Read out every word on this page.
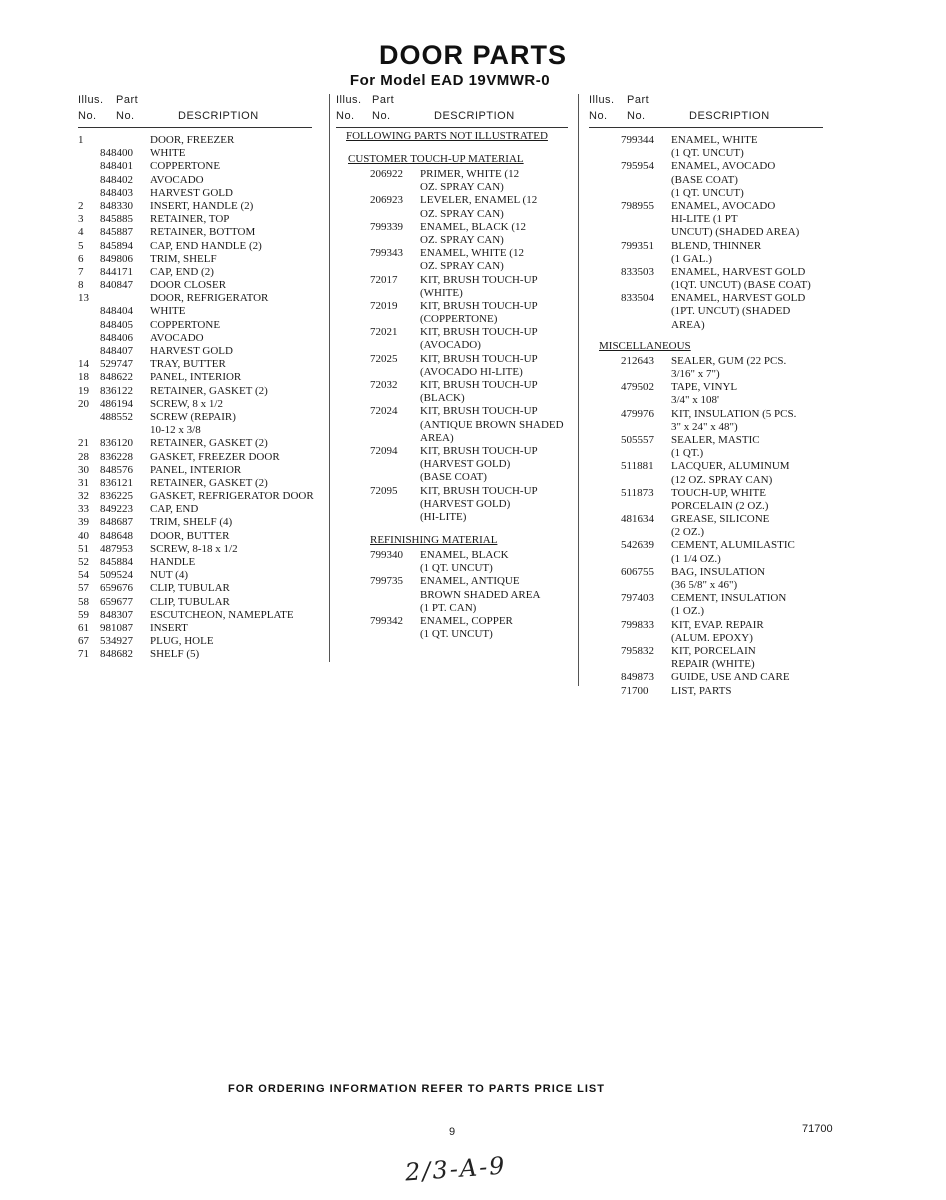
DOOR PARTS
For Model EAD 19VMWR-0
Illus. Part
No. No.	DESCRIPTION
1	DOOR, FREEZER
848400 WHITE
848401 COPPERTONE
848402 AVOCADO
848403 HARVEST GOLD
2 848330 INSERT, HANDLE (2)
3 845885 RETAINER, TOP
4 845887 RETAINER, BOTTOM
5 845894 CAP, END HANDLE (2)
6 849806 TRIM, SHELF
7 844171 CAP, END (2)
8 840847 DOOR CLOSER
13	DOOR, REFRIGERATOR
848404 WHITE
848405 COPPERTONE
848406 AVOCADO
848407 HARVEST GOLD
14 529747 TRAY, BUTTER
18 848622 PANEL, INTERIOR
19 836122 RETAINER, GASKET (2)
20 486194 SCREW, 8 x 1/2
488552 SCREW (REPAIR)
10-12 x 3/8
21 836120 RETAINER, GASKET (2)
28 836228 GASKET, FREEZER DOOR
30 848576 PANEL, INTERIOR
31 836121 RETAINER, GASKET (2)
32 836225 GASKET, REFRIGERATOR DOOR
33 849223 CAP, END
39 848687 TRIM, SHELF (4)
40 848648 DOOR, BUTTER
51 487953 SCREW, 8-18 x 1/2
52 845884 HANDLE
54 509524 NUT (4)
57 659676 CLIP, TUBULAR
58 659677 CLIP, TUBULAR
59 848307 ESCUTCHEON, NAMEPLATE
61 981087 INSERT
67 534927 PLUG, HOLE
71 848682 SHELF (5)
Illus. Part
No. No.	DESCRIPTION
FOLLOWING PARTS NOT ILLUSTRATED
CUSTOMER TOUCH-UP MATERIAL
206922 PRIMER, WHITE (12
OZ. SPRAY CAN)
206923 LEVELER, ENAMEL (12
OZ. SPRAY CAN)
799339 ENAMEL, BLACK (12
OZ. SPRAY CAN)
799343 ENAMEL, WHITE (12
OZ. SPRAY CAN)
72017 KIT, BRUSH TOUCH-UP
(WHITE)
72019 KIT, BRUSH TOUCH-UP
(COPPERTONE)
72021 KIT, BRUSH TOUCH-UP
(AVOCADO)
72025 KIT, BRUSH TOUCH-UP
(AVOCADO HI-LITE)
72032 KIT, BRUSH TOUCH-UP
(BLACK)
72024 KIT, BRUSH TOUCH-UP
(ANTIQUE BROWN SHADED
AREA)
72094 KIT, BRUSH TOUCH-UP
(HARVEST GOLD)
(BASE COAT)
72095 KIT, BRUSH TOUCH-UP
(HARVEST GOLD)
(HI-LITE)
REFINISHING MATERIAL
799340 ENAMEL, BLACK
(1 QT. UNCUT)
799735 ENAMEL, ANTIQUE
BROWN SHADED AREA
(1 PT. CAN)
799342 ENAMEL, COPPER
(1 QT. UNCUT)
Illus. Part
No. No.	DESCRIPTION
799344 ENAMEL, WHITE
(1 QT. UNCUT)
795954 ENAMEL, AVOCADO
(BASE COAT)
(1 QT. UNCUT)
798955 ENAMEL, AVOCADO
HI-LITE (1 PT
UNCUT) (SHADED AREA)
799351 BLEND, THINNER
(1 GAL.)
833503 ENAMEL, HARVEST GOLD
(1QT. UNCUT) (BASE COAT)
833504 ENAMEL, HARVEST GOLD
(1PT. UNCUT) (SHADED
AREA)
MISCELLANEOUS
212643 SEALER, GUM (22 PCS.
3/16" x 7")
479502 TAPE, VINYL
3/4" x 108'
479976 KIT, INSULATION (5 PCS.
3" x 24" x 48")
505557 SEALER, MASTIC
(1 QT.)
511881 LACQUER, ALUMINUM
(12 OZ. SPRAY CAN)
511873 TOUCH-UP, WHITE
PORCELAIN (2 OZ.)
481634 GREASE, SILICONE
(2 OZ.)
542639 CEMENT, ALUMILASTIC
(1 1/4 OZ.)
606755 BAG, INSULATION
(36 5/8" x 46")
797403 CEMENT, INSULATION
(1 OZ.)
799833 KIT, EVAP. REPAIR
(ALUM. EPOXY)
795832 KIT, PORCELAIN
REPAIR (WHITE)
849873 GUIDE, USE AND CARE
71700 LIST, PARTS
FOR ORDERING INFORMATION REFER TO PARTS PRICE LIST
9	71700
2/3-A-9
